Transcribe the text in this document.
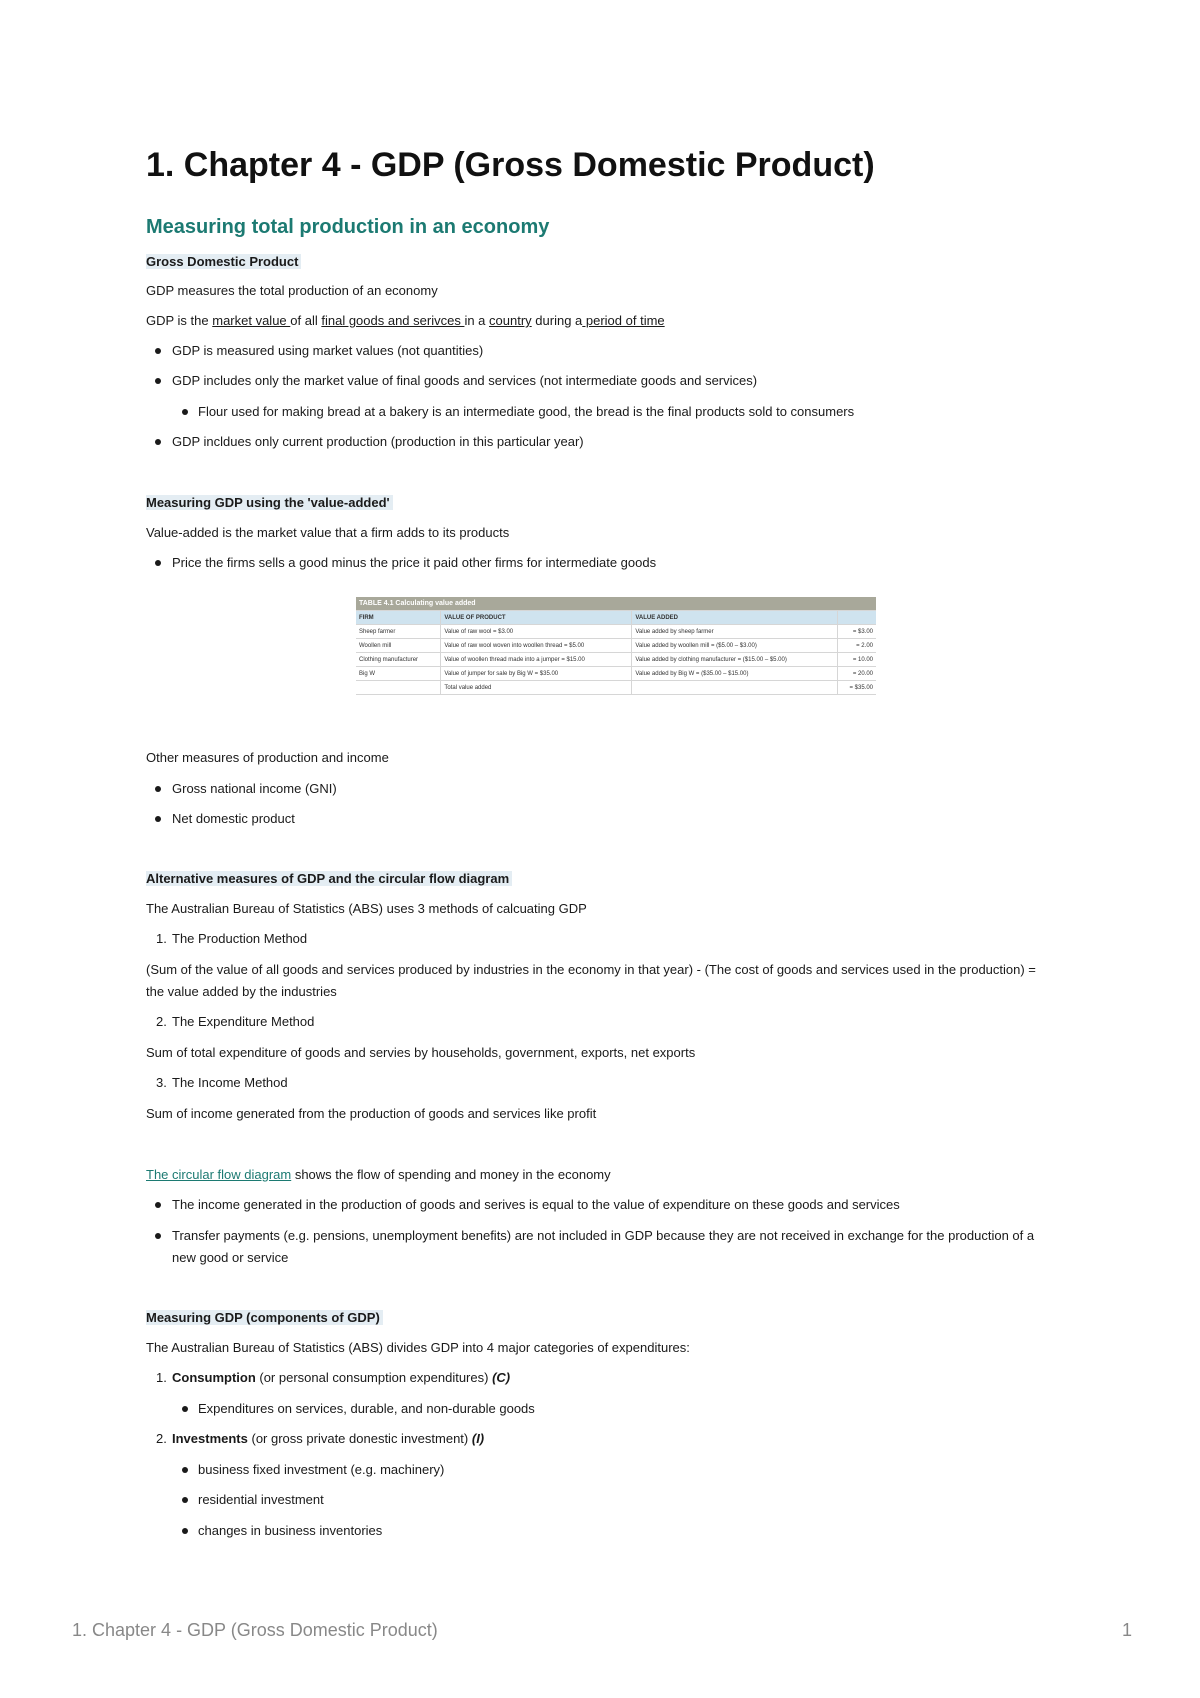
1. Chapter 4 - GDP (Gross Domestic Product)
Measuring total production in an economy
Gross Domestic Product
GDP measures the total production of an economy
GDP is the market value of all final goods and serivces in a country during a period of time
GDP is measured using market values (not quantities)
GDP includes only the market value of final goods and services (not intermediate goods and services)
Flour used for making bread at a bakery is an intermediate good, the bread is the final products sold to consumers
GDP incldues only current production (production in this particular year)
Measuring GDP using the 'value-added'
Value-added is the market value that a firm adds to its products
Price the firms sells a good minus the price it paid other firms for intermediate goods
TABLE 4.1 Calculating value added			
FIRM	VALUE OF PRODUCT	VALUE ADDED	
Sheep farmer	Value of raw wool = $3.00	Value added by sheep farmer	= $3.00
Woollen mill	Value of raw wool woven into woollen thread = $5.00	Value added by woollen mill = ($5.00 – $3.00)	= 2.00
Clothing manufacturer	Value of woollen thread made into a jumper = $15.00	Value added by clothing manufacturer = ($15.00 – $5.00)	= 10.00
Big W	Value of jumper for sale by Big W = $35.00	Value added by Big W = ($35.00 – $15.00)	= 20.00
	Total value added		= $35.00
Other measures of production and income
Gross national income (GNI)
Net domestic product
Alternative measures of GDP and the circular flow diagram
The Australian Bureau of Statistics (ABS) uses 3 methods of calcuating GDP
1. The Production Method
(Sum of the value of all goods and services produced by industries in the economy in that year) - (The cost of goods and services used in the production) = the value added by the industries
2. The Expenditure Method
Sum of total expenditure of goods and servies by households, government, exports, net exports
3. The Income Method
Sum of income generated from the production of goods and services like profit
The circular flow diagram shows the flow of spending and money in the economy
The income generated in the production of goods and serives is equal to the value of expenditure on these goods and services
Transfer payments (e.g. pensions, unemployment benefits) are not included in GDP because they are not received in exchange for the production of a new good or service
Measuring GDP (components of GDP)
The Australian Bureau of Statistics (ABS) divides GDP into 4 major categories of expenditures:
1. Consumption (or personal consumption expenditures) (C)
Expenditures on services, durable, and non-durable goods
2. Investments (or gross private donestic investment) (I)
business fixed investment (e.g. machinery)
residential investment
changes in business inventories
1. Chapter 4 - GDP (Gross Domestic Product)	1
